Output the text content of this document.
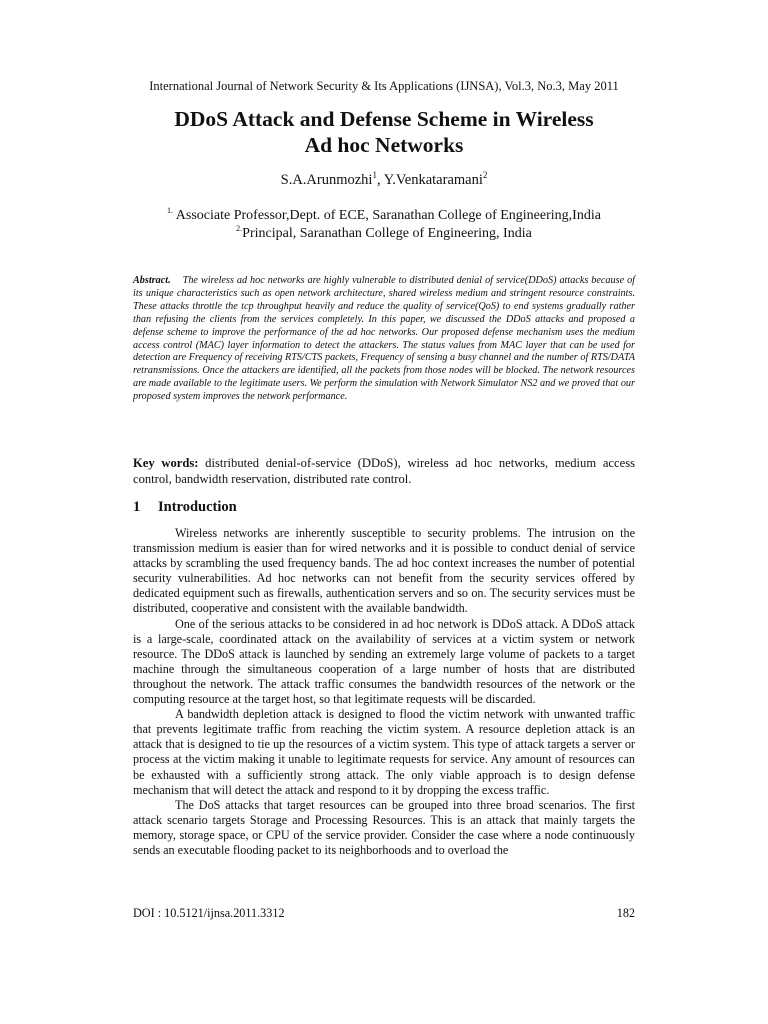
International Journal of Network Security & Its Applications (IJNSA), Vol.3, No.3, May 2011
DDoS Attack and Defense Scheme in Wireless
Ad hoc Networks
S.A.Arunmozhi$^1$, Y.Venkataramani$^2$
$^{1.}$ Associate Professor,Dept. of ECE, Saranathan College of Engineering,India
$^{2.}$Principal, Saranathan College of Engineering, India
Abstract. The wireless ad hoc networks are highly vulnerable to distributed denial of service(DDoS) attacks because of its unique characteristics such as open network architecture, shared wireless medium and stringent resource constraints. These attacks throttle the tcp throughput heavily and reduce the quality of service(QoS) to end systems gradually rather than refusing the clients from the services completely. In this paper, we discussed the DDoS attacks and proposed a defense scheme to improve the performance of the ad hoc networks. Our proposed defense mechanism uses the medium access control (MAC) layer information to detect the attackers. The status values from MAC layer that can be used for detection are Frequency of receiving RTS/CTS packets, Frequency of sensing a busy channel and the number of RTS/DATA retransmissions. Once the attackers are identified, all the packets from those nodes will be blocked. The network resources are made available to the legitimate users. We perform the simulation with Network Simulator NS2 and we proved that our proposed system improves the network performance.
Key words: distributed denial-of-service (DDoS), wireless ad hoc networks, medium access control, bandwidth reservation, distributed rate control.
1 Introduction

Wireless networks are inherently susceptible to security problems. The intrusion on the transmission medium is easier than for wired networks and it is possible to conduct denial of service attacks by scrambling the used frequency bands. The ad hoc context increases the number of potential security vulnerabilities. Ad hoc networks can not benefit from the security services offered by dedicated equipment such as firewalls, authentication servers and so on. The security services must be distributed, cooperative and consistent with the available bandwidth.

One of the serious attacks to be considered in ad hoc network is DDoS attack. A DDoS attack is a large-scale, coordinated attack on the availability of services at a victim system or network resource. The DDoS attack is launched by sending an extremely large volume of packets to a target machine through the simultaneous cooperation of a large number of hosts that are distributed throughout the network. The attack traffic consumes the bandwidth resources of the network or the computing resource at the target host, so that legitimate requests will be discarded.

A bandwidth depletion attack is designed to flood the victim network with unwanted traffic that prevents legitimate traffic from reaching the victim system. A resource depletion attack is an attack that is designed to tie up the resources of a victim system. This type of attack targets a server or process at the victim making it unable to legitimate requests for service. Any amount of resources can be exhausted with a sufficiently strong attack. The only viable approach is to design defense mechanism that will detect the attack and respond to it by dropping the excess traffic.

The DoS attacks that target resources can be grouped into three broad scenarios. The first attack scenario targets Storage and Processing Resources. This is an attack that mainly targets the memory, storage space, or CPU of the service provider. Consider the case where a node continuously sends an executable flooding packet to its neighborhoods and to overload the

DOI : 10.5121/ijnsa.2011.3312	182
